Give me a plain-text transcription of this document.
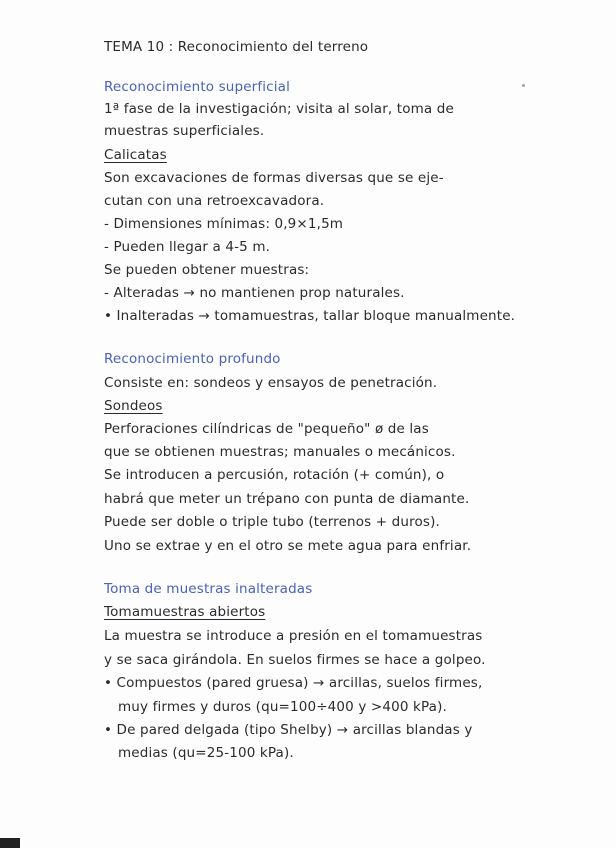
TEMA 10 : Reconocimiento del terreno
Reconocimiento superficial
1ª fase de la investigación; visita al solar, toma de
muestras superficiales.
Calicatas
Son excavaciones de formas diversas que se eje-
cutan con una retroexcavadora.
- Dimensiones mínimas: 0,9×1,5m
- Pueden llegar a 4-5 m.
Se pueden obtener muestras:
- Alteradas → no mantienen prop naturales.
• Inalteradas → tomamuestras, tallar bloque manualmente.
Reconocimiento profundo
Consiste en: sondeos y ensayos de penetración.
Sondeos
Perforaciones cilíndricas de "pequeño" ø de las
que se obtienen muestras; manuales o mecánicos.
Se introducen a percusión, rotación (+ común), o
habrá que meter un trépano con punta de diamante.
Puede ser doble o triple tubo (terrenos + duros).
Uno se extrae y en el otro se mete agua para enfriar.
Toma de muestras inalteradas
Tomamuestras abiertos
La muestra se introduce a presión en el tomamuestras
y se saca girándola. En suelos firmes se hace a golpeo.
• Compuestos (pared gruesa) → arcillas, suelos firmes,
muy firmes y duros (qu=100÷400 y >400 kPa).
• De pared delgada (tipo Shelby) → arcillas blandas y
medias (qu=25-100 kPa).
